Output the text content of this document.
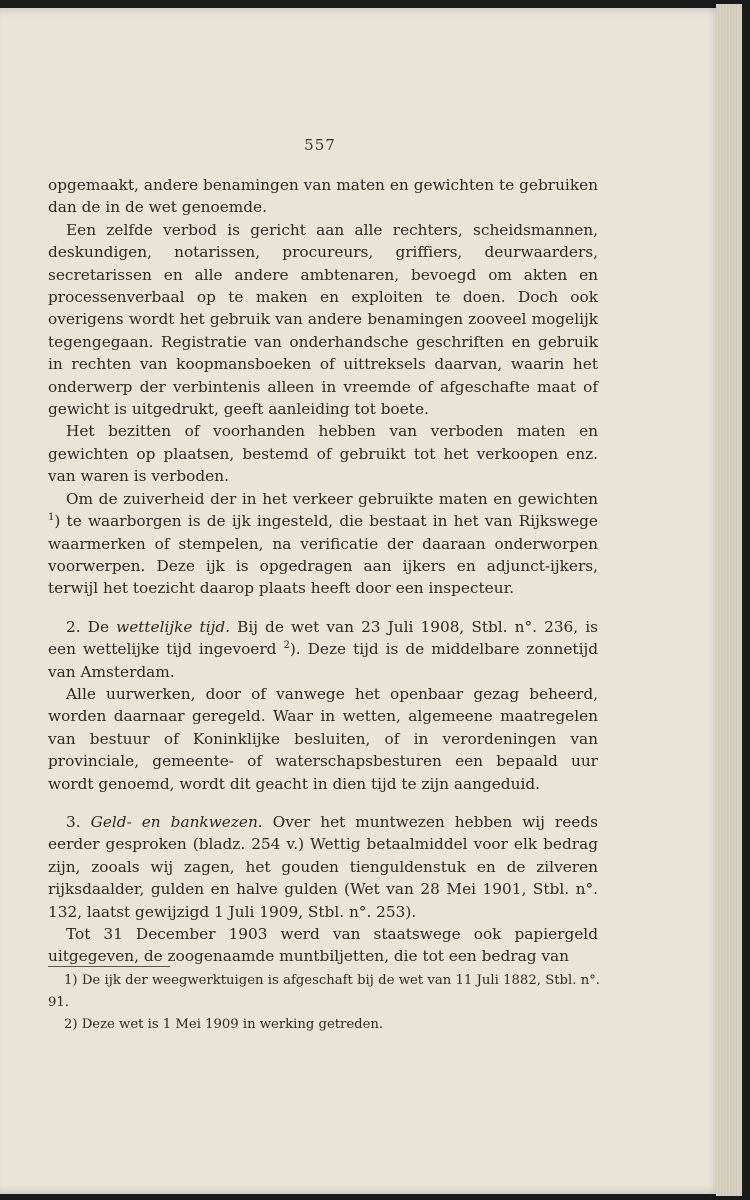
557

opgemaakt, andere benamingen van maten en gewichten te gebruiken dan de in de wet genoemde.

Een zelfde verbod is gericht aan alle rechters, scheidsmannen, deskundigen, notarissen, procureurs, griffiers, deurwaarders, secretarissen en alle andere ambtenaren, bevoegd om akten en processenverbaal op te maken en exploiten te doen. Doch ook overigens wordt het gebruik van andere benamingen zooveel mogelijk tegengegaan. Registratie van onderhandsche geschriften en gebruik in rechten van koopmansboeken of uittreksels daarvan, waarin het onderwerp der verbintenis alleen in vreemde of afgeschafte maat of gewicht is uitgedrukt, geeft aanleiding tot boete.

Het bezitten of voorhanden hebben van verboden maten en gewichten op plaatsen, bestemd of gebruikt tot het verkoopen enz. van waren is verboden.

Om de zuiverheid der in het verkeer gebruikte maten en gewichten $^1$) te waarborgen is de ijk ingesteld, die bestaat in het van Rijkswege waarmerken of stempelen, na verificatie der daaraan onderworpen voorwerpen. Deze ijk is opgedragen aan ijkers en adjunct-ijkers, terwijl het toezicht daarop plaats heeft door een inspecteur.

2. De wettelijke tijd. Bij de wet van 23 Juli 1908, Stbl. n°. 236, is een wettelijke tijd ingevoerd $^2$). Deze tijd is de middelbare zonnetijd van Amsterdam.

Alle uurwerken, door of vanwege het openbaar gezag beheerd, worden daarnaar geregeld. Waar in wetten, algemeene maatregelen van bestuur of Koninklijke besluiten, of in verordeningen van provinciale, gemeente- of waterschapsbesturen een bepaald uur wordt genoemd, wordt dit geacht in dien tijd te zijn aangeduid.

3. Geld- en bankwezen. Over het muntwezen hebben wij reeds eerder gesproken (bladz. 254 v.) Wettig betaalmiddel voor elk bedrag zijn, zooals wij zagen, het gouden tienguldenstuk en de zilveren rijksdaalder, gulden en halve gulden (Wet van 28 Mei 1901, Stbl. n°. 132, laatst gewijzigd 1 Juli 1909, Stbl. n°. 253).

Tot 31 December 1903 werd van staatswege ook papiergeld uitgegeven, de zoogenaamde muntbiljetten, die tot een bedrag van

1) De ijk der weegwerktuigen is afgeschaft bij de wet van 11 Juli 1882, Stbl. n°. 91.

2) Deze wet is 1 Mei 1909 in werking getreden.
